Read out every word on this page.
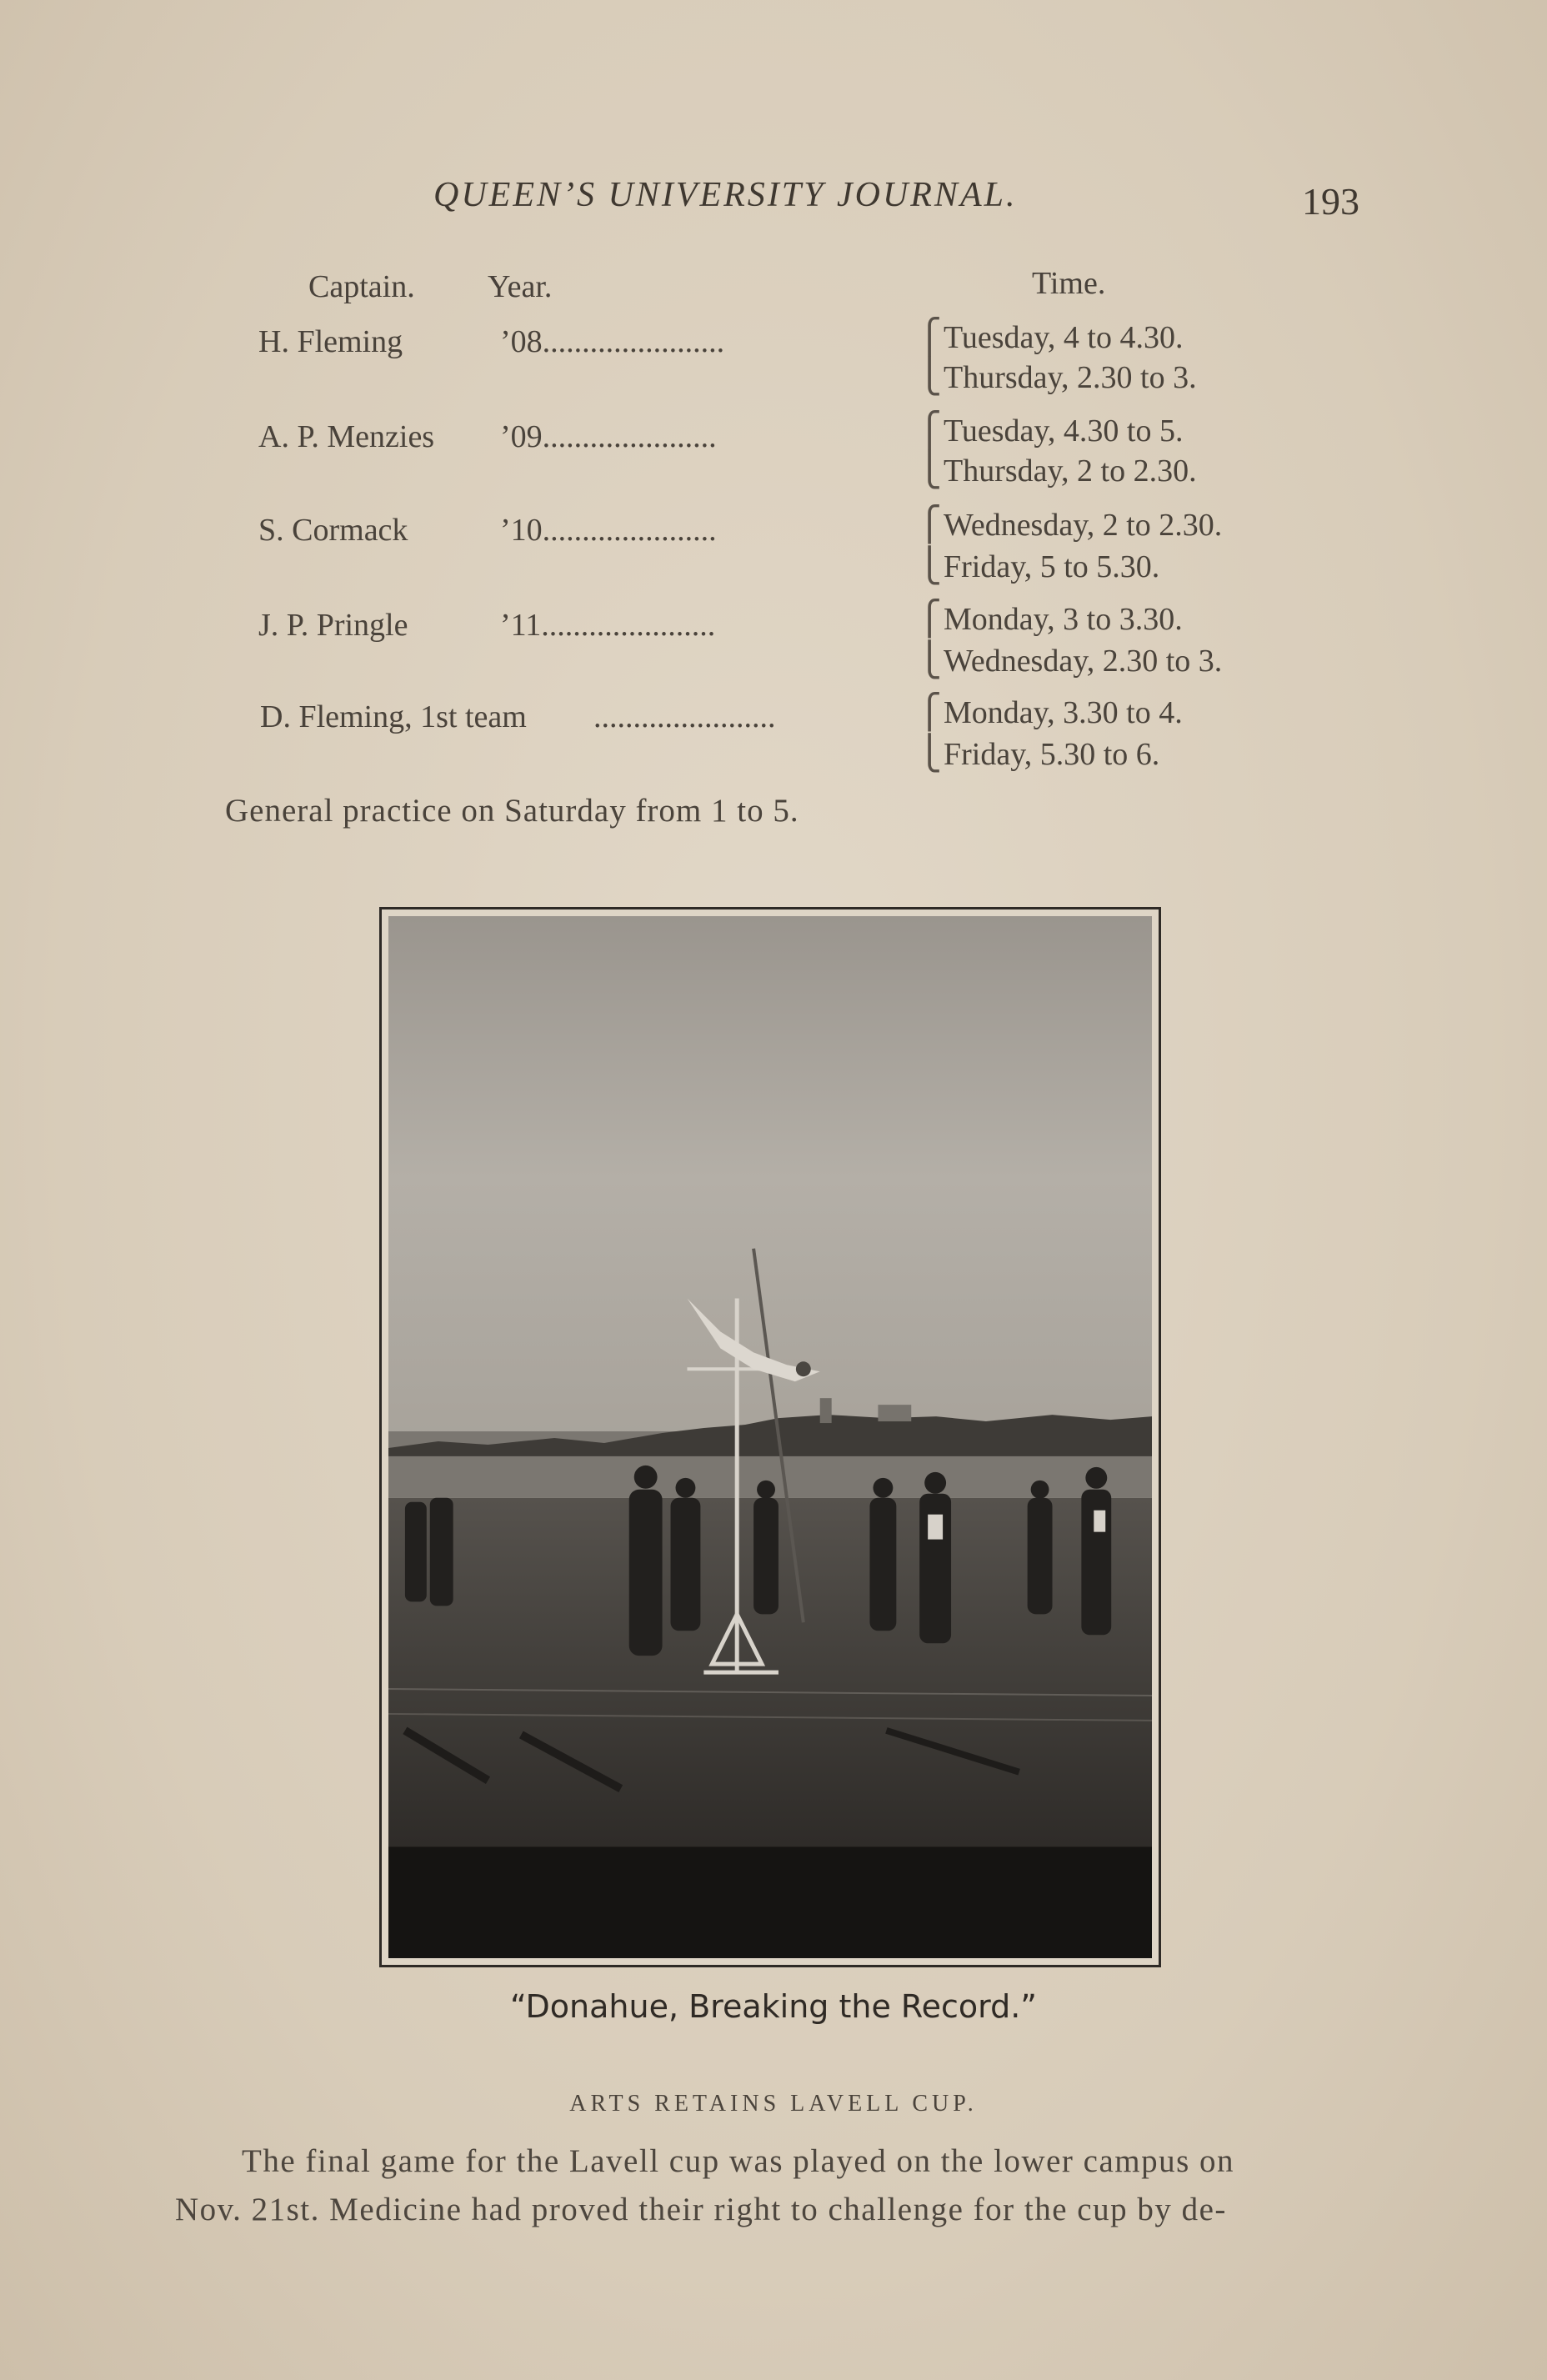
QUEEN’S UNIVERSITY JOURNAL.	193
Captain. Year.	Time.
H. Fleming	’08.......................	⎧Tuesday, 4 to 4.30.
⎩Thursday, 2.30 to 3.
A. P. Menzies ’09......................	⎧Tuesday, 4.30 to 5.
⎩Thursday, 2 to 2.30.
S. Cormack	’10......................	⎧Wednesday, 2 to 2.30.
⎩Friday, 5 to 5.30.
J. P. Pringle	’11......................	⎧Monday, 3 to 3.30.
⎩Wednesday, 2.30 to 3.
D. Fleming, 1st team .......................	⎧Monday, 3.30 to 4.
⎩Friday, 5.30 to 6.
General practice on Saturday from 1 to 5.
“Donahue, Breaking the Record.”
ARTS RETAINS LAVELL CUP.
The final game for the Lavell cup was played on the lower campus on
Nov. 21st. Medicine had proved their right to challenge for the cup by de-
